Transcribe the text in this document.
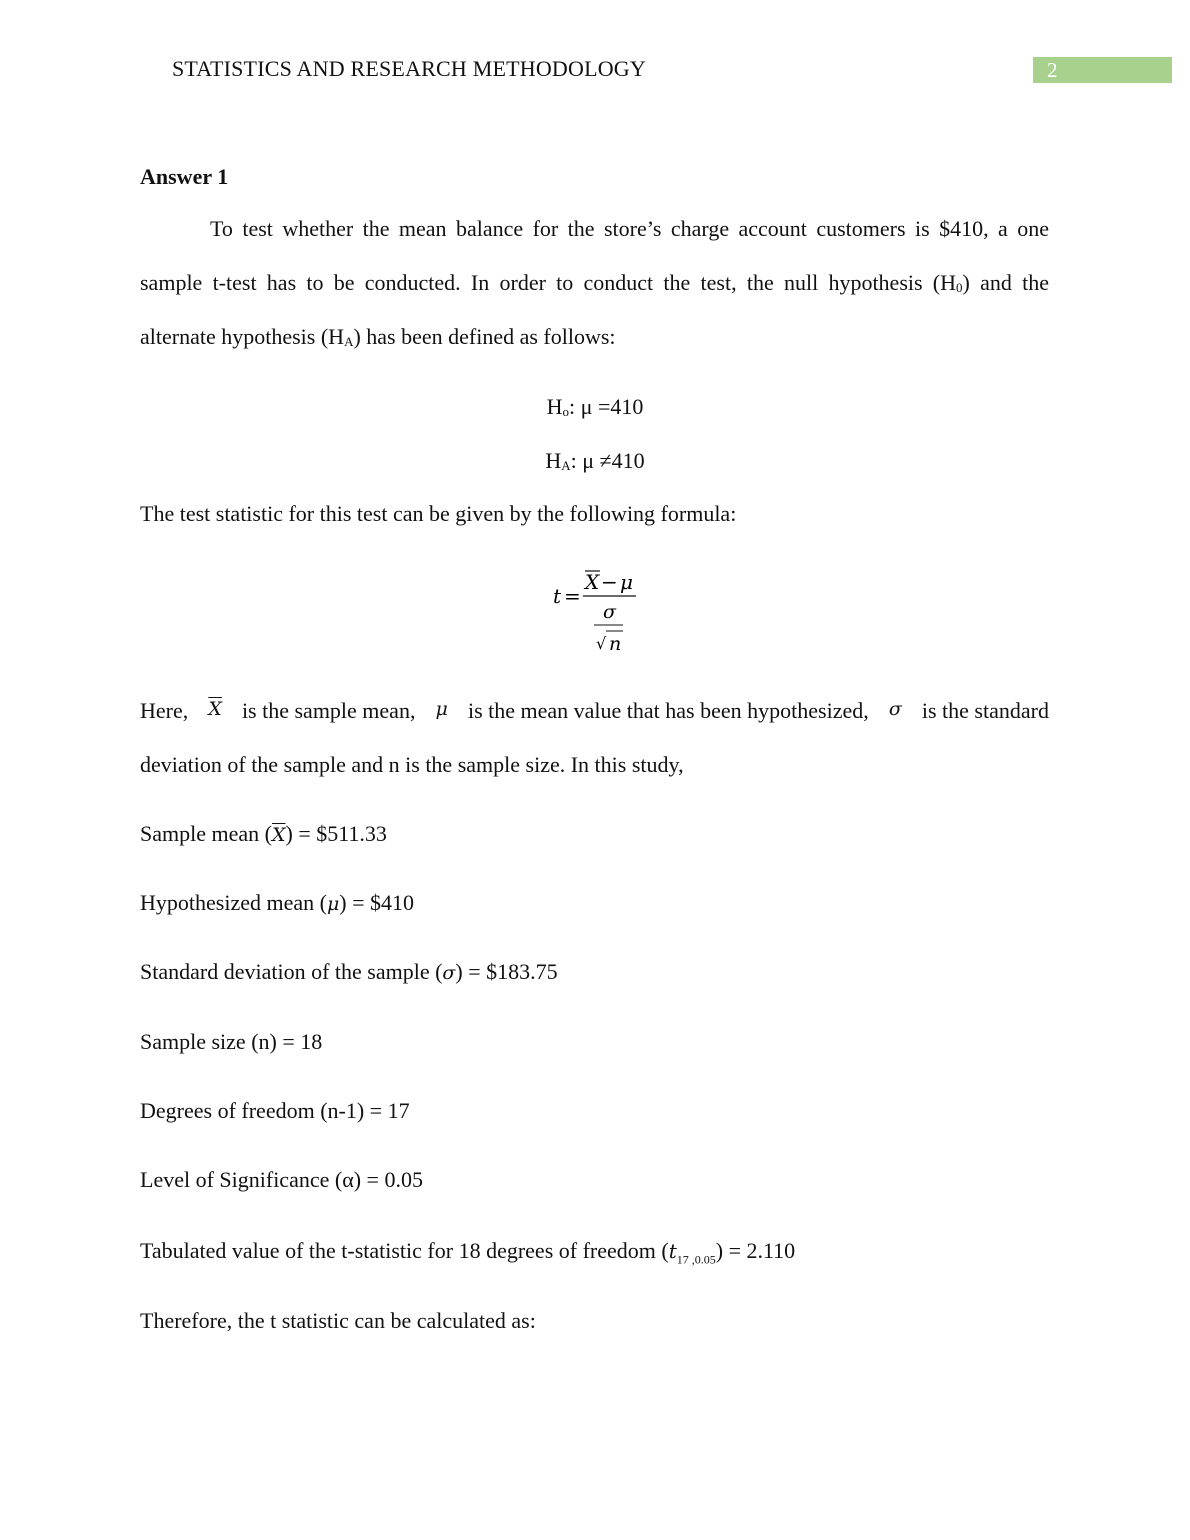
STATISTICS AND RESEARCH METHODOLOGY	2
Answer 1
To test whether the mean balance for the store’s charge account customers is $410, a one
sample t-test has to be conducted. In order to conduct the test, the null hypothesis $(H_0)$ and the
alternate hypothesis $(H_A)$ has been defined as follows:
$H_o$: μ =410
$H_A$: μ ≠410
The test statistic for this test can be given by the following formula:
t =
X − μ
σ
√ n
Here, $\overline{X}$ is the sample mean, μ is the mean value that has been hypothesized, σ is the standard
deviation of the sample and n is the sample size. In this study,
Sample mean $(\overline{X})$ = $511.33
Hypothesized mean (μ) = $410
Standard deviation of the sample (σ) = $183.75
Sample size (n) = 18
Degrees of freedom (n-1) = 17
Level of Significance (α) = 0.05
Tabulated value of the t-statistic for 18 degrees of freedom $(t_{17 ,0.05}) = 2.110$
Therefore, the t statistic can be calculated as:
